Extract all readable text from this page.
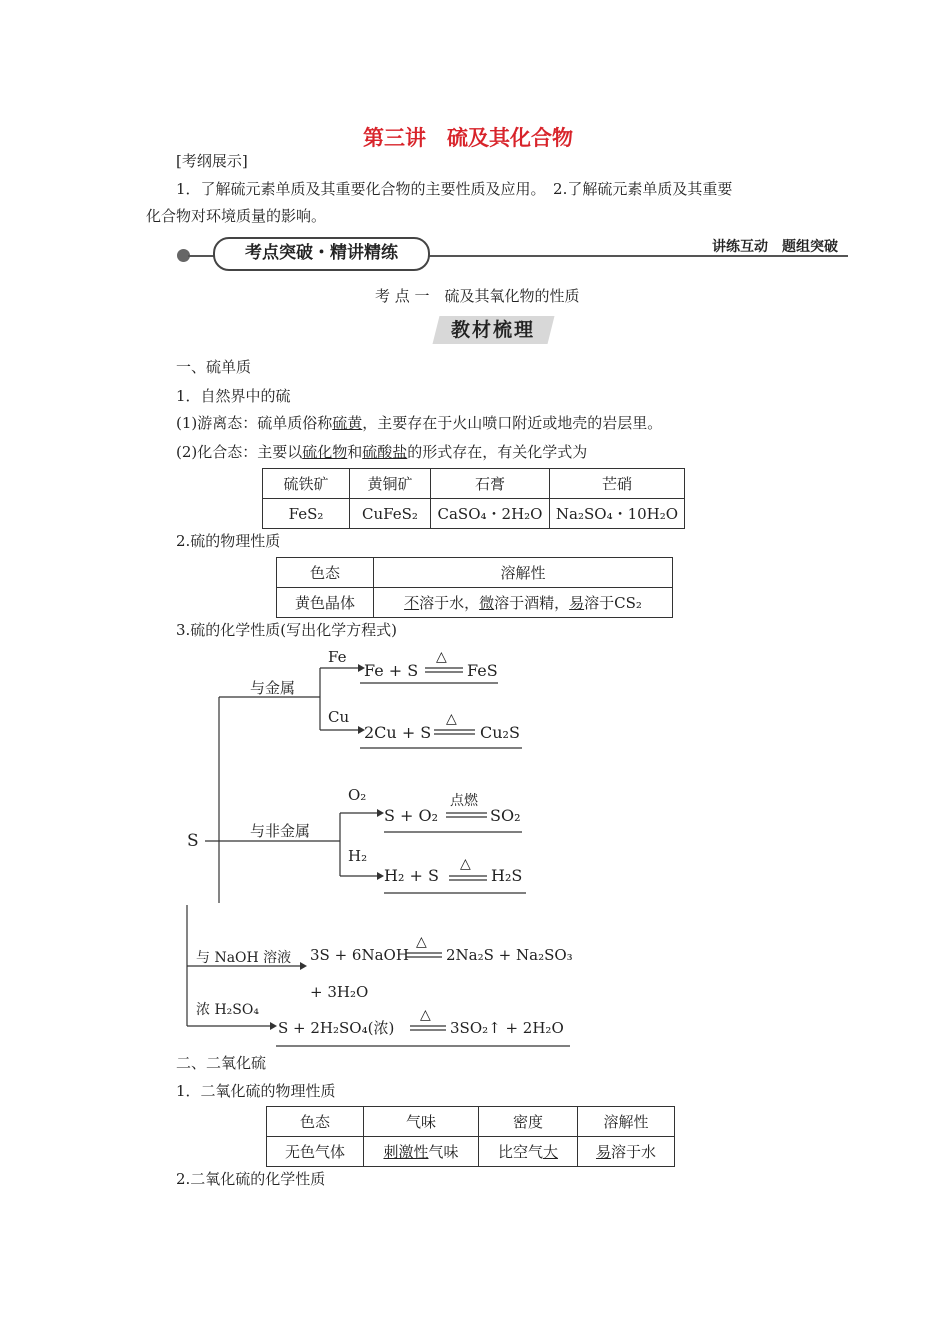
第三讲　硫及其化合物
[考纲展示]
1．了解硫元素单质及其重要化合物的主要性质及应用。　2.了解硫元素单质及其重要
化合物对环境质量的影响。
考点突破・精讲精练	讲练互动　题组突破
考 点 一　硫及其氧化物的性质
教材梳理
一、硫单质
1．自然界中的硫
(1)游离态：硫单质俗称硫黄，主要存在于火山喷口附近或地壳的岩层里。
(2)化合态：主要以硫化物和硫酸盐的形式存在，有关化学式为
硫铁矿	黄铜矿	石膏	芒硝
FeS₂	CuFeS₂	CaSO₄・2H₂O	Na₂SO₄・10H₂O
2.硫的物理性质
色态	溶解性
黄色晶体	不溶于水，微溶于酒精，易溶于CS₂
3.硫的化学性质(写出化学方程式)
S
与金属
与非金属
Fe
Fe + S
△
FeS
Cu
2Cu + S
△
Cu₂S
O₂
S + O₂
点燃
SO₂
H₂
H₂ + S
△
H₂S
与 NaOH 溶液 3S + 6NaOH
△
2Na₂S + Na₂SO₃
+ 3H₂O
浓 H₂SO₄
S + 2H₂SO₄(浓)
△
3SO₂↑ + 2H₂O
二、二氧化硫
1．二氧化硫的物理性质
色态	气味	密度	溶解性
无色气体	刺激性气味	比空气大	易溶于水
2.二氧化硫的化学性质
